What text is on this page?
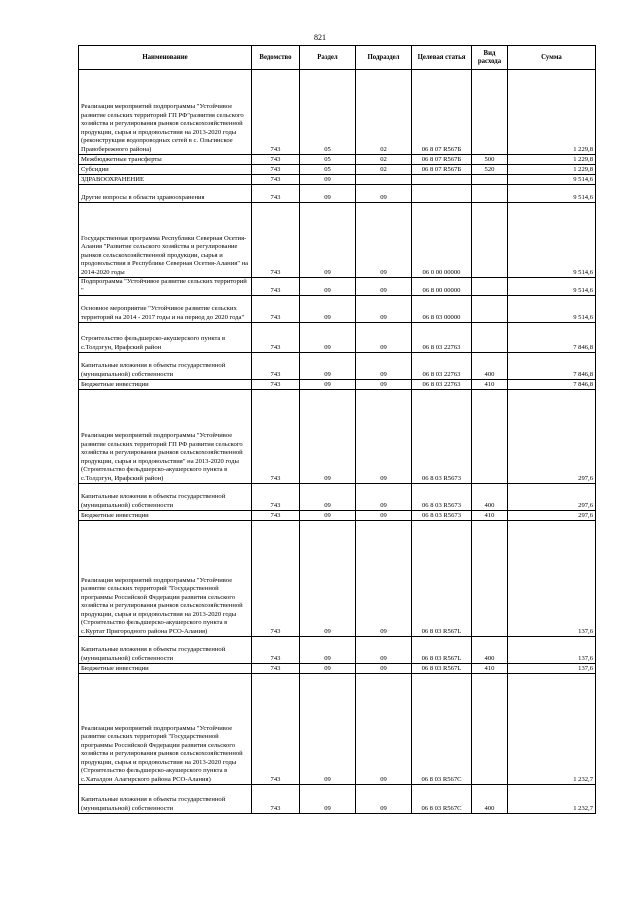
821
Наименование	Ведомство	Раздел	Подраздел	Целевая статья	Вид расхода	Сумма
Реализация мероприятий подпрограммы "Устойчивое развитие сельских территорий ГП РФ"развития сельского хозяйства и регулирования рынков сельскохозяйственной продукции, сырья и продовольствия на 2013-2020 годы (реконструкция водопроводных сетей в с. Ольгинское Правобережного района)	743	05	02	06 8 07 R567Б		1 229,8
Межбюджетные трансферты	743	05	02	06 8 07 R567Б	500	1 229,8
Субсидии	743	05	02	06 8 07 R567Б	520	1 229,8
ЗДРАВООХРАНЕНИЕ	743	09				9 514,6
Другие вопросы в области здравоохранения	743	09	09			9 514,6
Государственная программа Республики Северная Осетия-Алания "Развитие сельского хозяйства и регулирование рынков сельскохозяйственной продукции, сырья и продовольствия в Республике Северная Осетия-Алания" на 2014-2020 годы	743	09	09	06 0 00 00000		9 514,6
Подпрограмма "Устойчивое развитие сельских территорий "	743	09	09	06 8 00 00000		9 514,6
Основное мероприятие "Устойчивое развитие сельских территорий на 2014 - 2017 годы и на период до 2020 года"	743	09	09	06 8 03 00000		9 514,6
Строительство фельдшерско-акушерского пункта в с.Толдзгун, Ирафский район	743	09	09	06 8 03 22763		7 846,8
Капитальные вложения в объекты государственной (муниципальной) собственности	743	09	09	06 8 03 22763	400	7 846,8
Бюджетные инвестиции	743	09	09	06 8 03 22763	410	7 846,8
Реализация мероприятий подпрограммы "Устойчивое развитие сельских территорий ГП РФ развития сельского хозяйства и регулирования рынков сельскохозяйственной продукции, сырья и продовольствия" на 2013-2020 годы (Строительство фельдшерско-акушерского пункта в с.Толдзгун, Ирафский район)	743	09	09	06 8 03 R5673		297,6
Капитальные вложения в объекты государственной (муниципальной) собственности	743	09	09	06 8 03 R5673	400	297,6
Бюджетные инвестиции	743	09	09	06 8 03 R5673	410	297,6
Реализация мероприятий подпрограммы "Устойчивое развитие сельских территорий "Государственной программы Российской Федерации развития сельского хозяйства и регулирования рынков сельскохозяйственной продукции, сырья и продовольствия на 2013-2020 годы (Строительство фельдшерско-акушерского пункта в с.Куртат Пригородного района РСО-Алания)	743	09	09	06 8 03 R567L		137,6
Капитальные вложения в объекты государственной (муниципальной) собственности	743	09	09	06 8 03 R567L	400	137,6
Бюджетные инвестиции	743	09	09	06 8 03 R567L	410	137,6
Реализация мероприятий подпрограммы "Устойчивое развитие сельских территорий "Государственной программы Российской Федерации развития сельского хозяйства и регулирования рынков сельскохозяйственной продукции, сырья и продовольствия на 2013-2020 годы (Строительство фельдшерско-акушерского пункта в с.Хаталдон Алагирского района РСО-Алания)	743	09	09	06 8 03 R567C		1 232,7
Капитальные вложения в объекты государственной (муниципальной) собственности	743	09	09	06 8 03 R567C	400	1 232,7
